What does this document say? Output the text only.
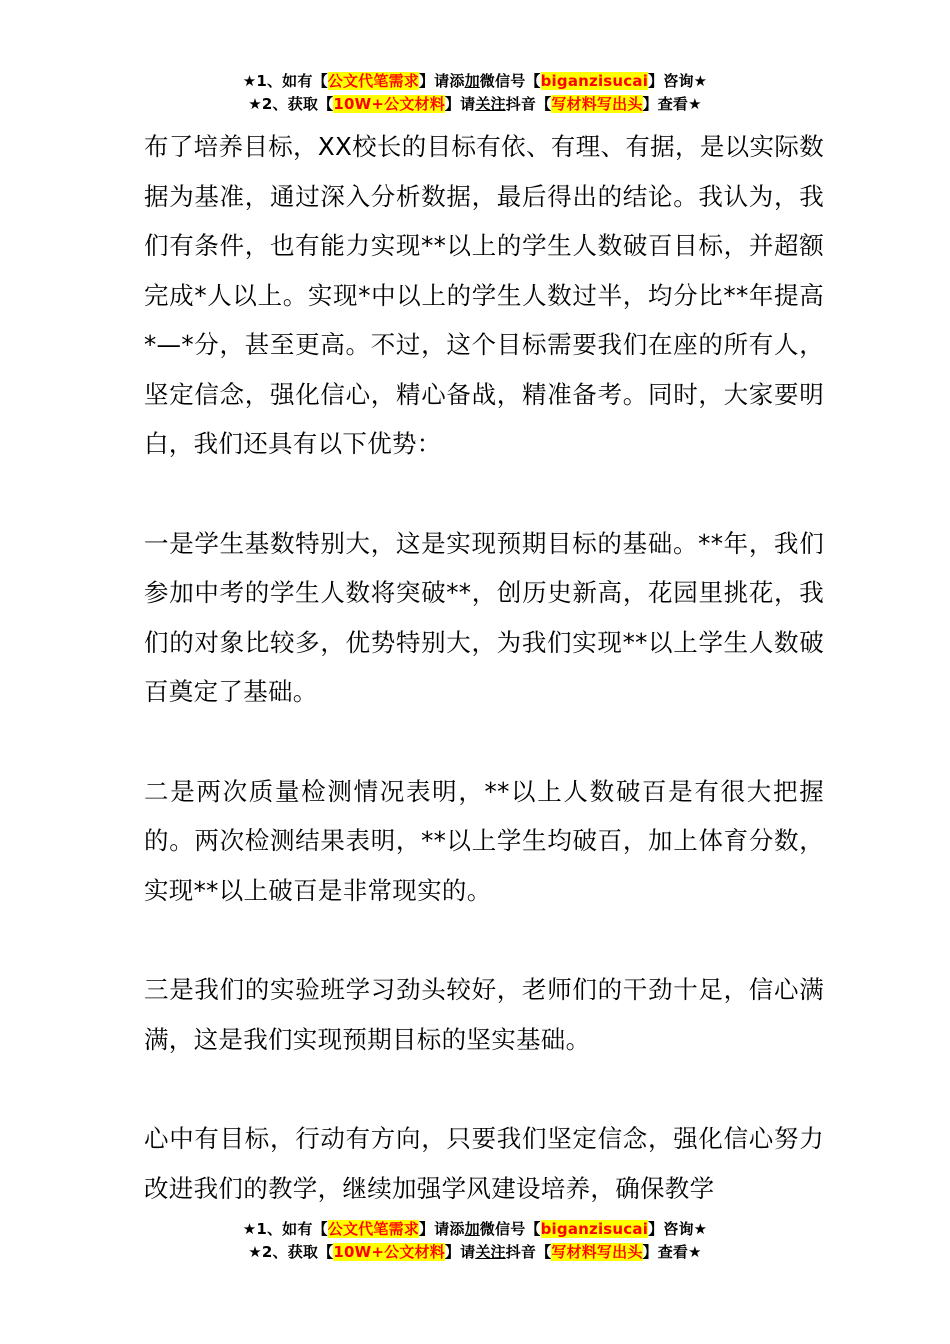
★1、如有【公文代笔需求】请添加微信号【biganzisucai】咨询★
★2、获取【10W+公文材料】请关注抖音【写材料写出头】查看★

布了培养目标，XX校长的目标有依、有理、有据，是以实际数据为基准，通过深入分析数据，最后得出的结论。我认为，我们有条件，也有能力实现**以上的学生人数破百目标，并超额完成*人以上。实现*中以上的学生人数过半，均分比**年提高*—*分，甚至更高。不过，这个目标需要我们在座的所有人，坚定信念，强化信心，精心备战，精准备考。同时，大家要明白，我们还具有以下优势：

一是学生基数特别大，这是实现预期目标的基础。**年，我们参加中考的学生人数将突破**，创历史新高，花园里挑花，我们的对象比较多，优势特别大，为我们实现**以上学生人数破百奠定了基础。

二是两次质量检测情况表明，**以上人数破百是有很大把握的。两次检测结果表明，**以上学生均破百，加上体育分数，实现**以上破百是非常现实的。

三是我们的实验班学习劲头较好，老师们的干劲十足，信心满满，这是我们实现预期目标的坚实基础。

心中有目标，行动有方向，只要我们坚定信念，强化信心努力改进我们的教学，继续加强学风建设培养，确保教学

★1、如有【公文代笔需求】请添加微信号【biganzisucai】咨询★
★2、获取【10W+公文材料】请关注抖音【写材料写出头】查看★
